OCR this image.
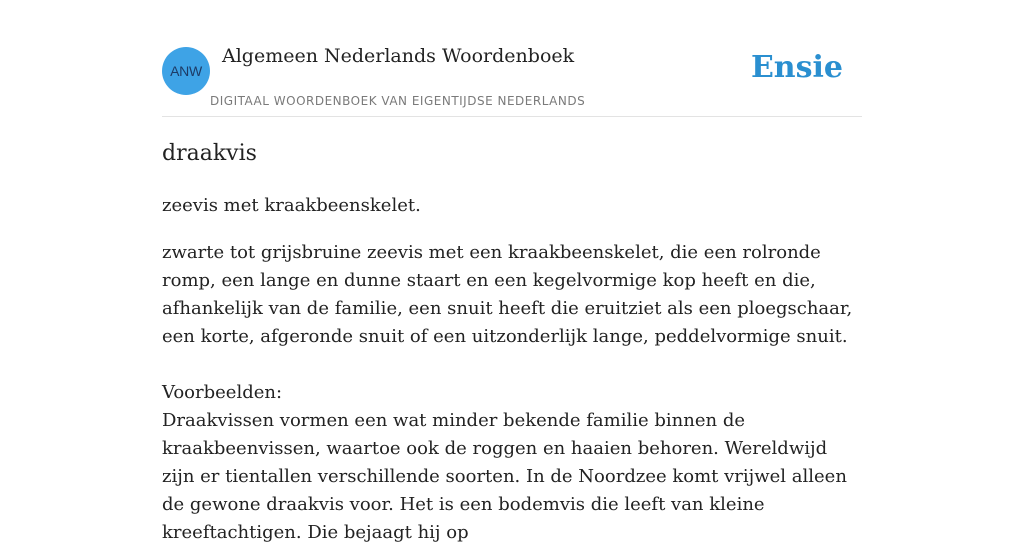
ANW
Algemeen Nederlands Woordenboek
DIGITAAL WOORDENBOEK VAN EIGENTIJDSE NEDERLANDS
Ensie
draakvis

zeevis met kraakbeenskelet.

zwarte tot grijsbruine zeevis met een kraakbeenskelet, die een rolronde romp, een lange en dunne staart en een kegelvormige kop heeft en die, afhankelijk van de familie, een snuit heeft die eruitziet als een ploegschaar, een korte, afgeronde snuit of een uitzonderlijk lange, peddelvormige snuit.

Voorbeelden:

Draakvissen vormen een wat minder bekende familie binnen de kraakbeenvissen, waartoe ook de roggen en haaien behoren. Wereldwijd zijn er tientallen verschillende soorten. In de Noordzee komt vrijwel alleen de gewone draakvis voor. Het is een bodemvis die leeft van kleine kreeftachtigen. Die bejaagt hij op
